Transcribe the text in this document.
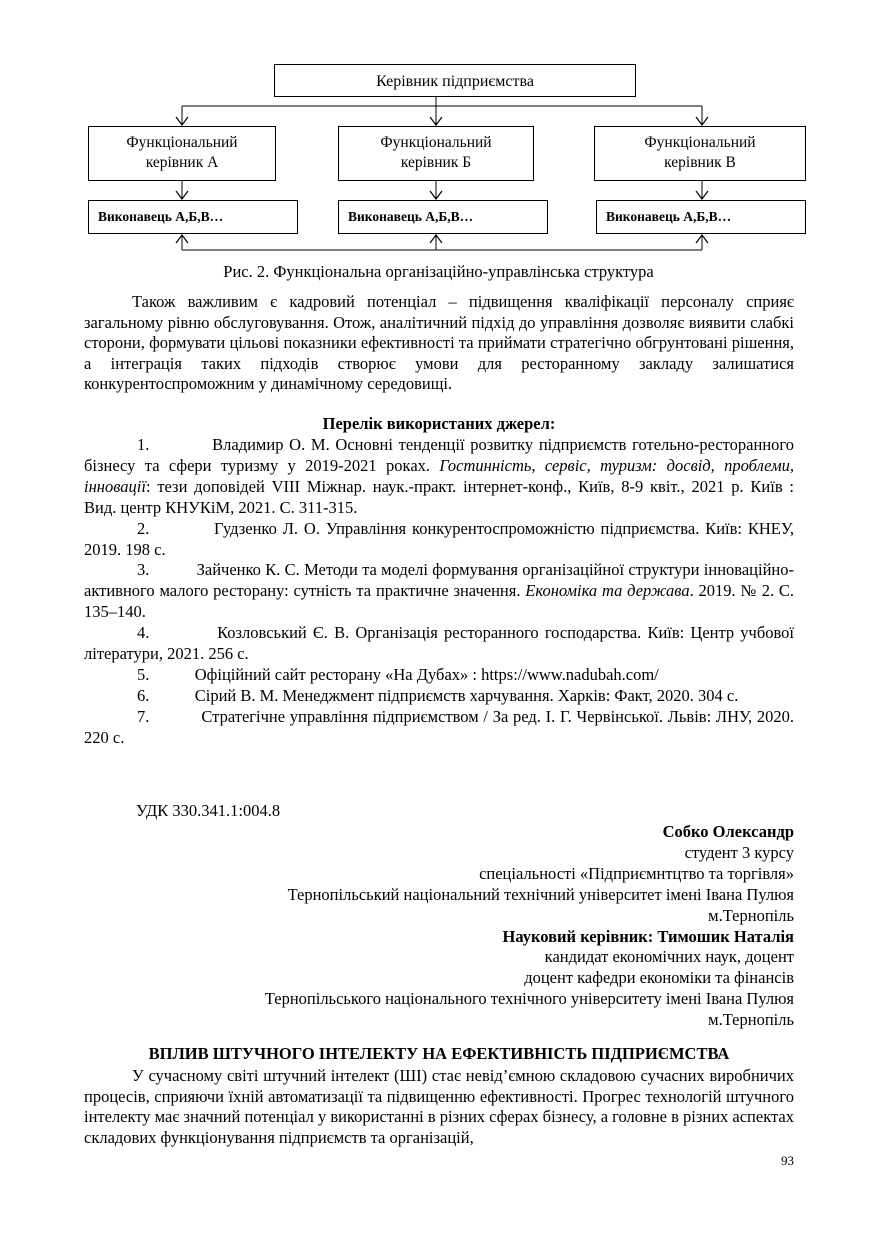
Керівник підприємства
Функціональний
керівник А
Функціональний
керівник Б
Функціональний
керівник В
Виконавець А,Б,В…	Виконавець А,Б,В…	Виконавець А,Б,В…
Рис. 2. Функціональна організаційно-управлінська структура

Також важливим є кадровий потенціал – підвищення кваліфікації персоналу сприяє загальному рівню обслуговування. Отож, аналітичний підхід до управління дозволяє виявити слабкі сторони, формувати цільові показники ефективності та приймати стратегічно обгрунтовані рішення, а інтеграція таких підходів створює умови для ресторанному закладу залишатися конкурентоспроможним у динамічному середовищі.

Перелік використаних джерел:

1.	Владимир О. М. Основні тенденції розвитку підприємств готельно-ресторанного бізнесу та сфери туризму у 2019-2021 роках. Гостинність, сервіс, туризм: досвід, проблеми, інновації: тези доповідей VIII Міжнар. наук.-практ. інтернет-конф., Київ, 8-9 квіт., 2021 р. Київ : Вид. центр КНУКіМ, 2021. С. 311-315.

2.	Гудзенко Л. О. Управління конкурентоспроможністю підприємства. Київ: КНЕУ, 2019. 198 с.

3.	Зайченко К. С. Методи та моделі формування організаційної структури інноваційно-активного малого ресторану: сутність та практичне значення. Економіка та держава. 2019. № 2. С. 135–140.

4.	Козловський Є. В. Організація ресторанного господарства. Київ: Центр учбової літератури, 2021. 256 с.

5.	Офіційний сайт ресторану «На Дубах» : https://www.nadubah.com/

6.	Сірий В. М. Менеджмент підприємств харчування. Харків: Факт, 2020. 304 с.

7.	Стратегічне управління підприємством / За ред. І. Г. Червінської. Львів: ЛНУ, 2020. 220 с.

УДК 330.341.1:004.8
Собко Олександр
студент 3 курсу
спеціальності «Підприємнтцтво та торгівля»
Тернопільський національний технічний університет імені Івана Пулюя
м.Тернопіль
Науковий керівник: Тимошик Наталія
кандидат економічних наук, доцент
доцент кафедри економіки та фінансів
Тернопільського національного технічного університету імені Івана Пулюя
м.Тернопіль
ВПЛИВ ШТУЧНОГО ІНТЕЛЕКТУ НА ЕФЕКТИВНІСТЬ ПІДПРИЄМСТВА

У сучасному світі штучний інтелект (ШІ) стає невід’ємною складовою сучасних виробничих процесів, сприяючи їхній автоматизації та підвищенню ефективності. Прогрес технологій штучного інтелекту має значний потенціал у використанні в різних сферах бізнесу, а головне в різних аспектах складових функціонування підприємств та організацій,

93
